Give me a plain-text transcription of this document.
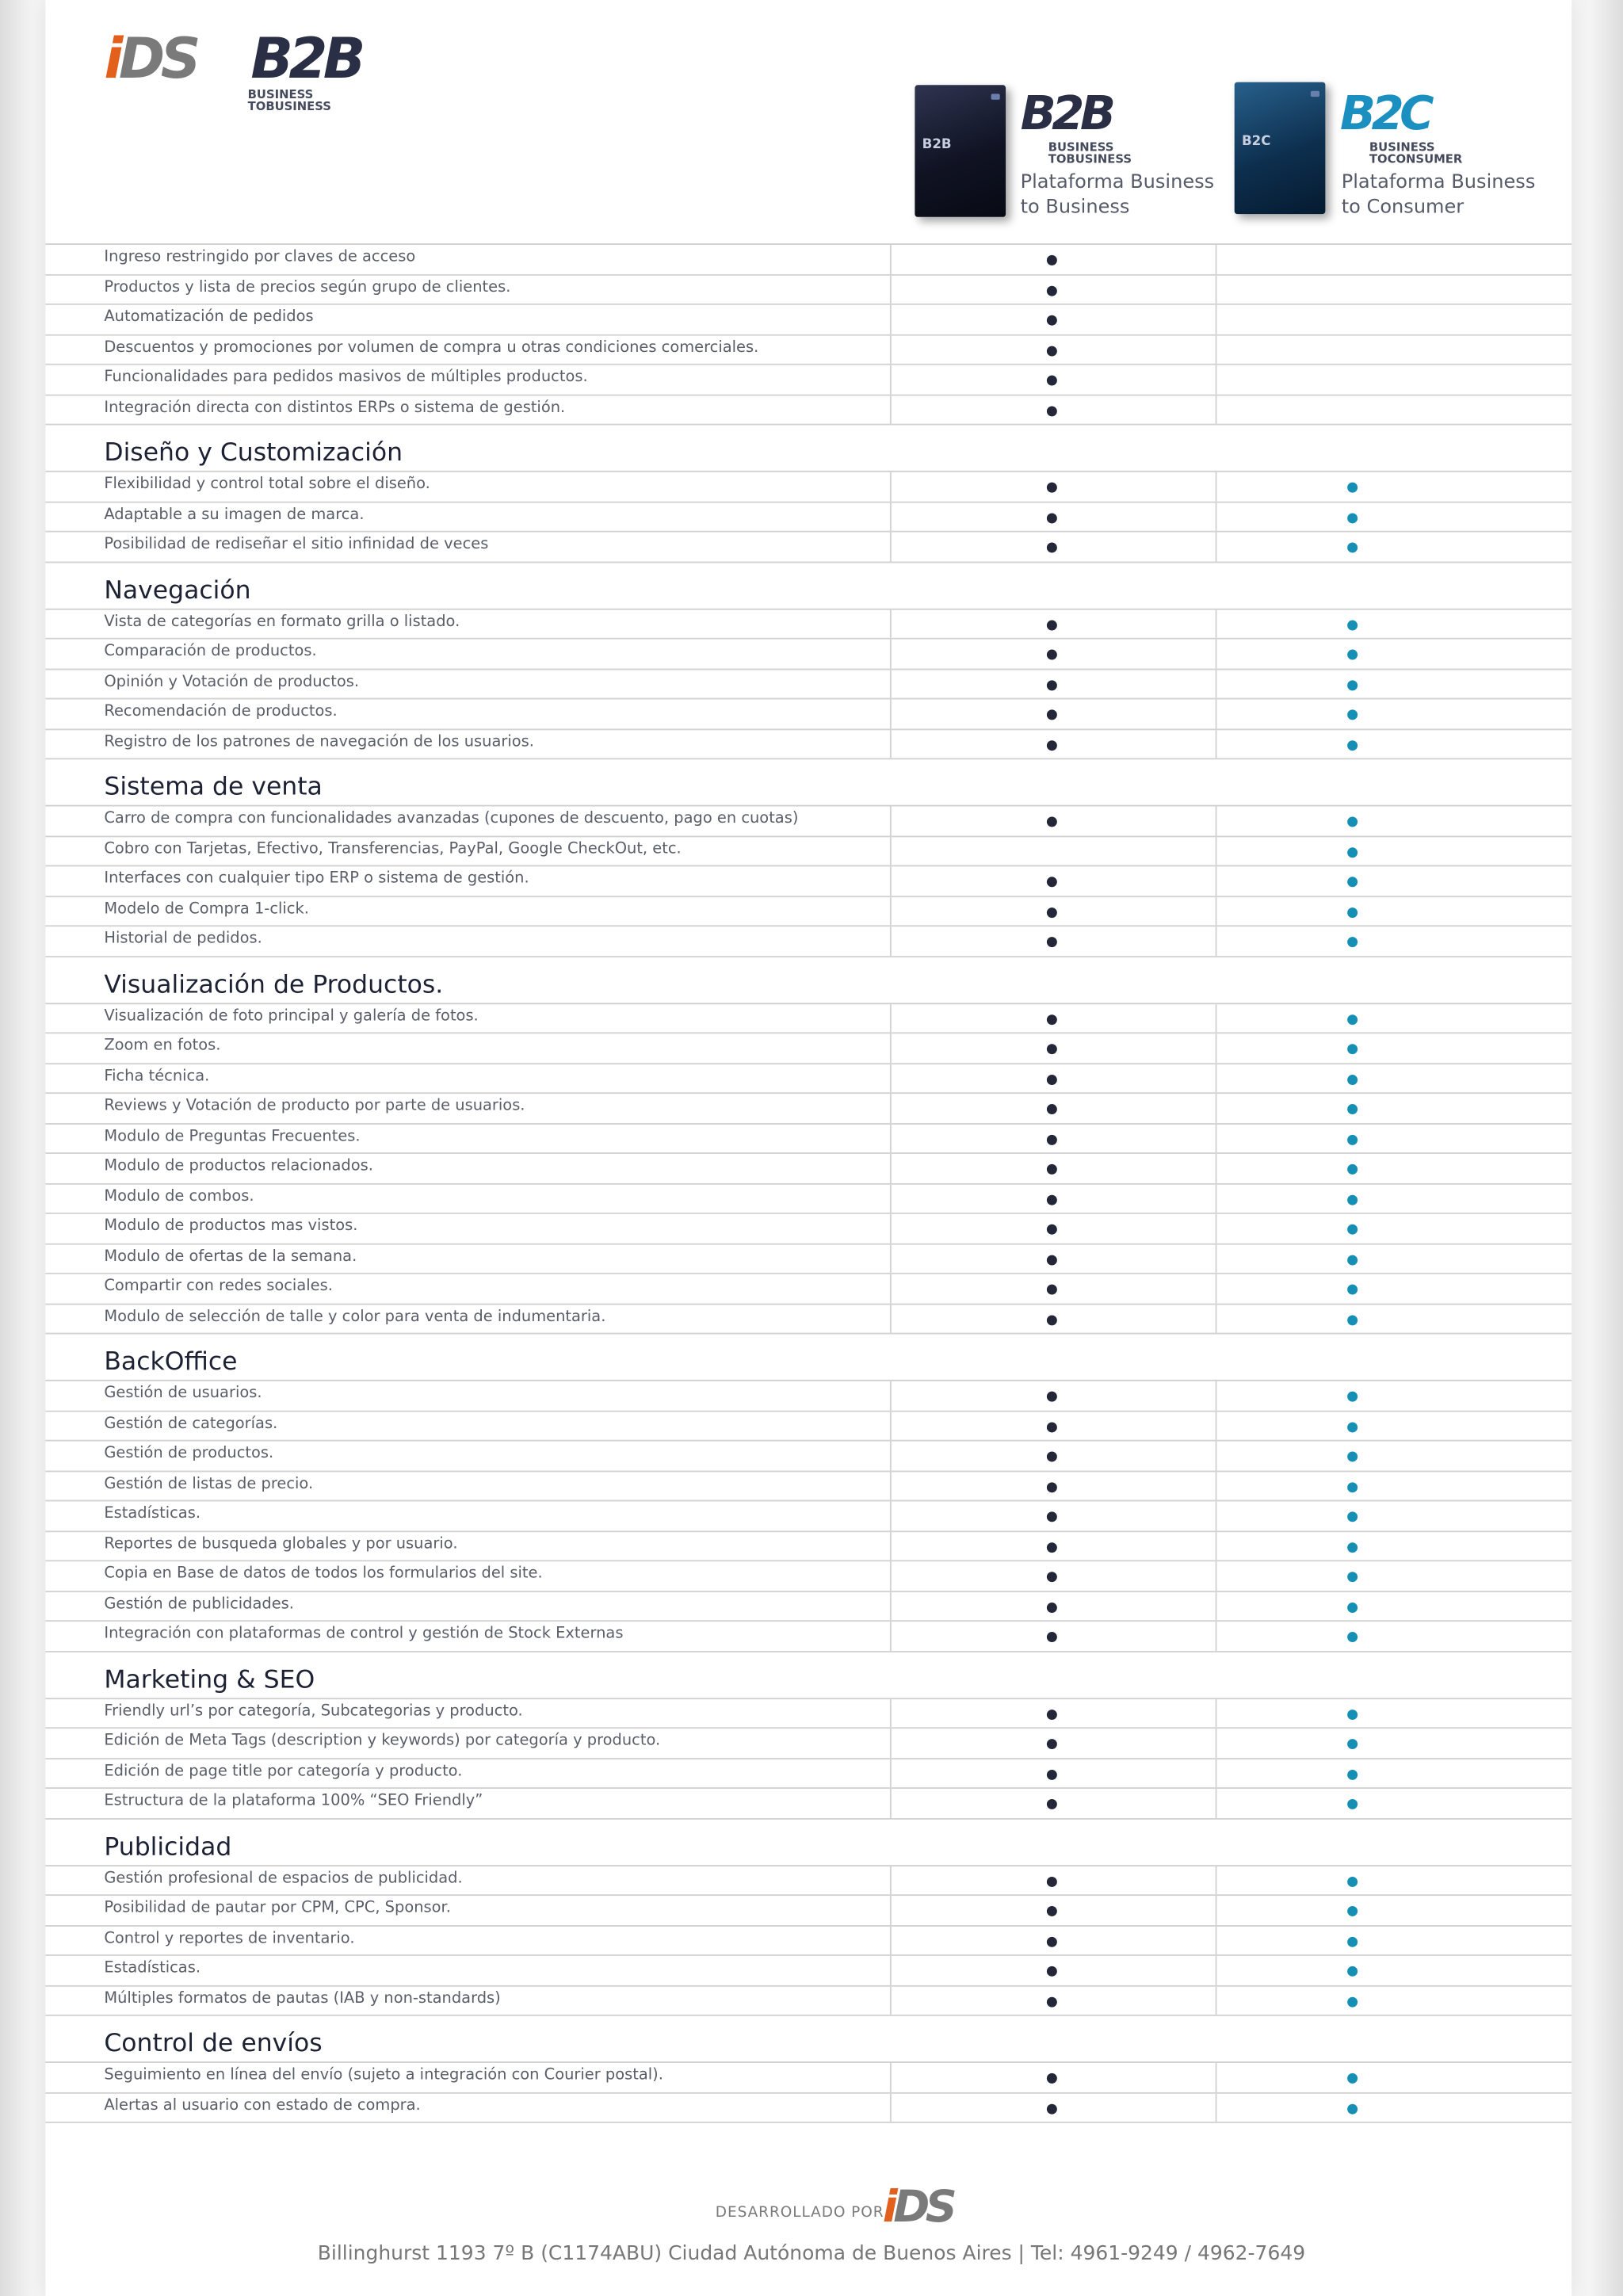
iDS B2B
BUSINESS
TOBUSINESS
B2B
B2B
BUSINESS
TOBUSINESS
Plataforma Business
to Business
B2C
B2C
BUSINESS
TOCONSUMER
Plataforma Business
to Consumer
Ingreso restringido por claves de acceso
Productos y lista de precios según grupo de clientes.
Automatización de pedidos
Descuentos y promociones por volumen de compra u otras condiciones comerciales.
Funcionalidades para pedidos masivos de múltiples productos.
Integración directa con distintos ERPs o sistema de gestión.
Diseño y Customización
Flexibilidad y control total sobre el diseño.
Adaptable a su imagen de marca.
Posibilidad de rediseñar el sitio infinidad de veces
Navegación
Vista de categorías en formato grilla o listado.
Comparación de productos.
Opinión y Votación de productos.
Recomendación de productos.
Registro de los patrones de navegación de los usuarios.
Sistema de venta
Carro de compra con funcionalidades avanzadas (cupones de descuento, pago en cuotas)
Cobro con Tarjetas, Efectivo, Transferencias, PayPal, Google CheckOut, etc.
Interfaces con cualquier tipo ERP o sistema de gestión.
Modelo de Compra 1-click.
Historial de pedidos.
Visualización de Productos.
Visualización de foto principal y galería de fotos.
Zoom en fotos.
Ficha técnica.
Reviews y Votación de producto por parte de usuarios.
Modulo de Preguntas Frecuentes.
Modulo de productos relacionados.
Modulo de combos.
Modulo de productos mas vistos.
Modulo de ofertas de la semana.
Compartir con redes sociales.
Modulo de selección de talle y color para venta de indumentaria.
BackOffice
Gestión de usuarios.
Gestión de categorías.
Gestión de productos.
Gestión de listas de precio.
Estadísticas.
Reportes de busqueda globales y por usuario.
Copia en Base de datos de todos los formularios del site.
Gestión de publicidades.
Integración con plataformas de control y gestión de Stock Externas
Marketing & SEO
Friendly url’s por categoría, Subcategorias y producto.
Edición de Meta Tags (description y keywords) por categoría y producto.
Edición de page title por categoría y producto.
Estructura de la plataforma 100% “SEO Friendly”
Publicidad
Gestión profesional de espacios de publicidad.
Posibilidad de pautar por CPM, CPC, Sponsor.
Control y reportes de inventario.
Estadísticas.
Múltiples formatos de pautas (IAB y non-standards)
Control de envíos
Seguimiento en línea del envío (sujeto a integración con Courier postal).
Alertas al usuario con estado de compra.
DESARROLLADO POR
iDS
Billinghurst 1193 7º B (C1174ABU) Ciudad Autónoma de Buenos Aires | Tel: 4961-9249 / 4962-7649
